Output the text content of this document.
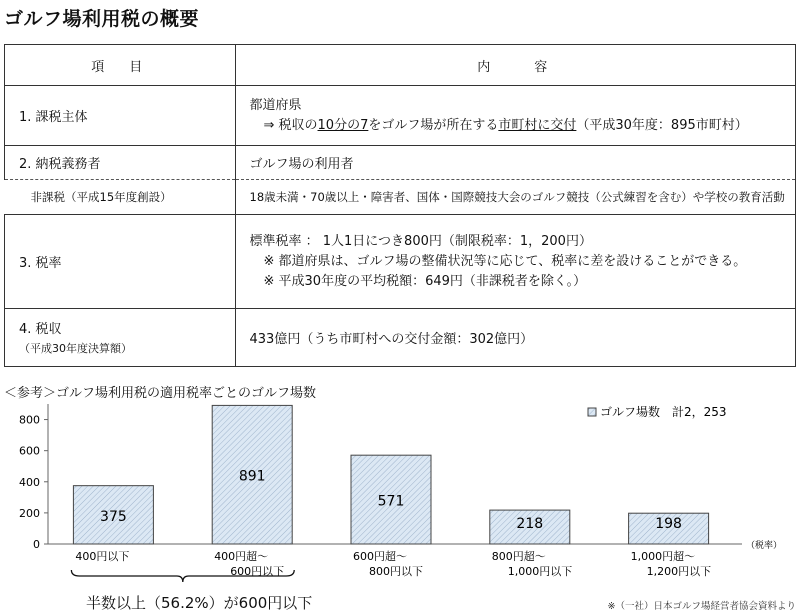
ゴルフ場利用税の概要
項　目	内　　容
1. 課税主体	都道府県
⇒ 税収の10分の7をゴルフ場が所在する市町村に交付（平成30年度：895市町村）

2. 納税義務者	ゴルフ場の利用者
非課税（平成15年度創設）	18歳未満・70歳以上・障害者、国体・国際競技大会のゴルフ競技（公式練習を含む）や学校の教育活動
3. 税率	標準税率 ： 1人1日につき800円（制限税率：1，200円）
※ 都道府県は、ゴルフ場の整備状況等に応じて、税率に差を設けることができる。
※ 平成30年度の平均税額：649円（非課税者を除く。）

4. 税収
（平成30年度決算額）	433億円（うち市町村への交付金額：302億円）
＜参考＞ゴルフ場利用税の適用税率ごとのゴルフ場数
0
200
400
600
800
375
400円以下
891
400円超～
600円以下
571
600円超～
800円以下
218
800円超～
1,000円以下
198
1,000円超～
1,200円以下
（税率）
ゴルフ場数　計2，253
半数以上（56.2%）が600円以下	※（一社）日本ゴルフ場経営者協会資料より
